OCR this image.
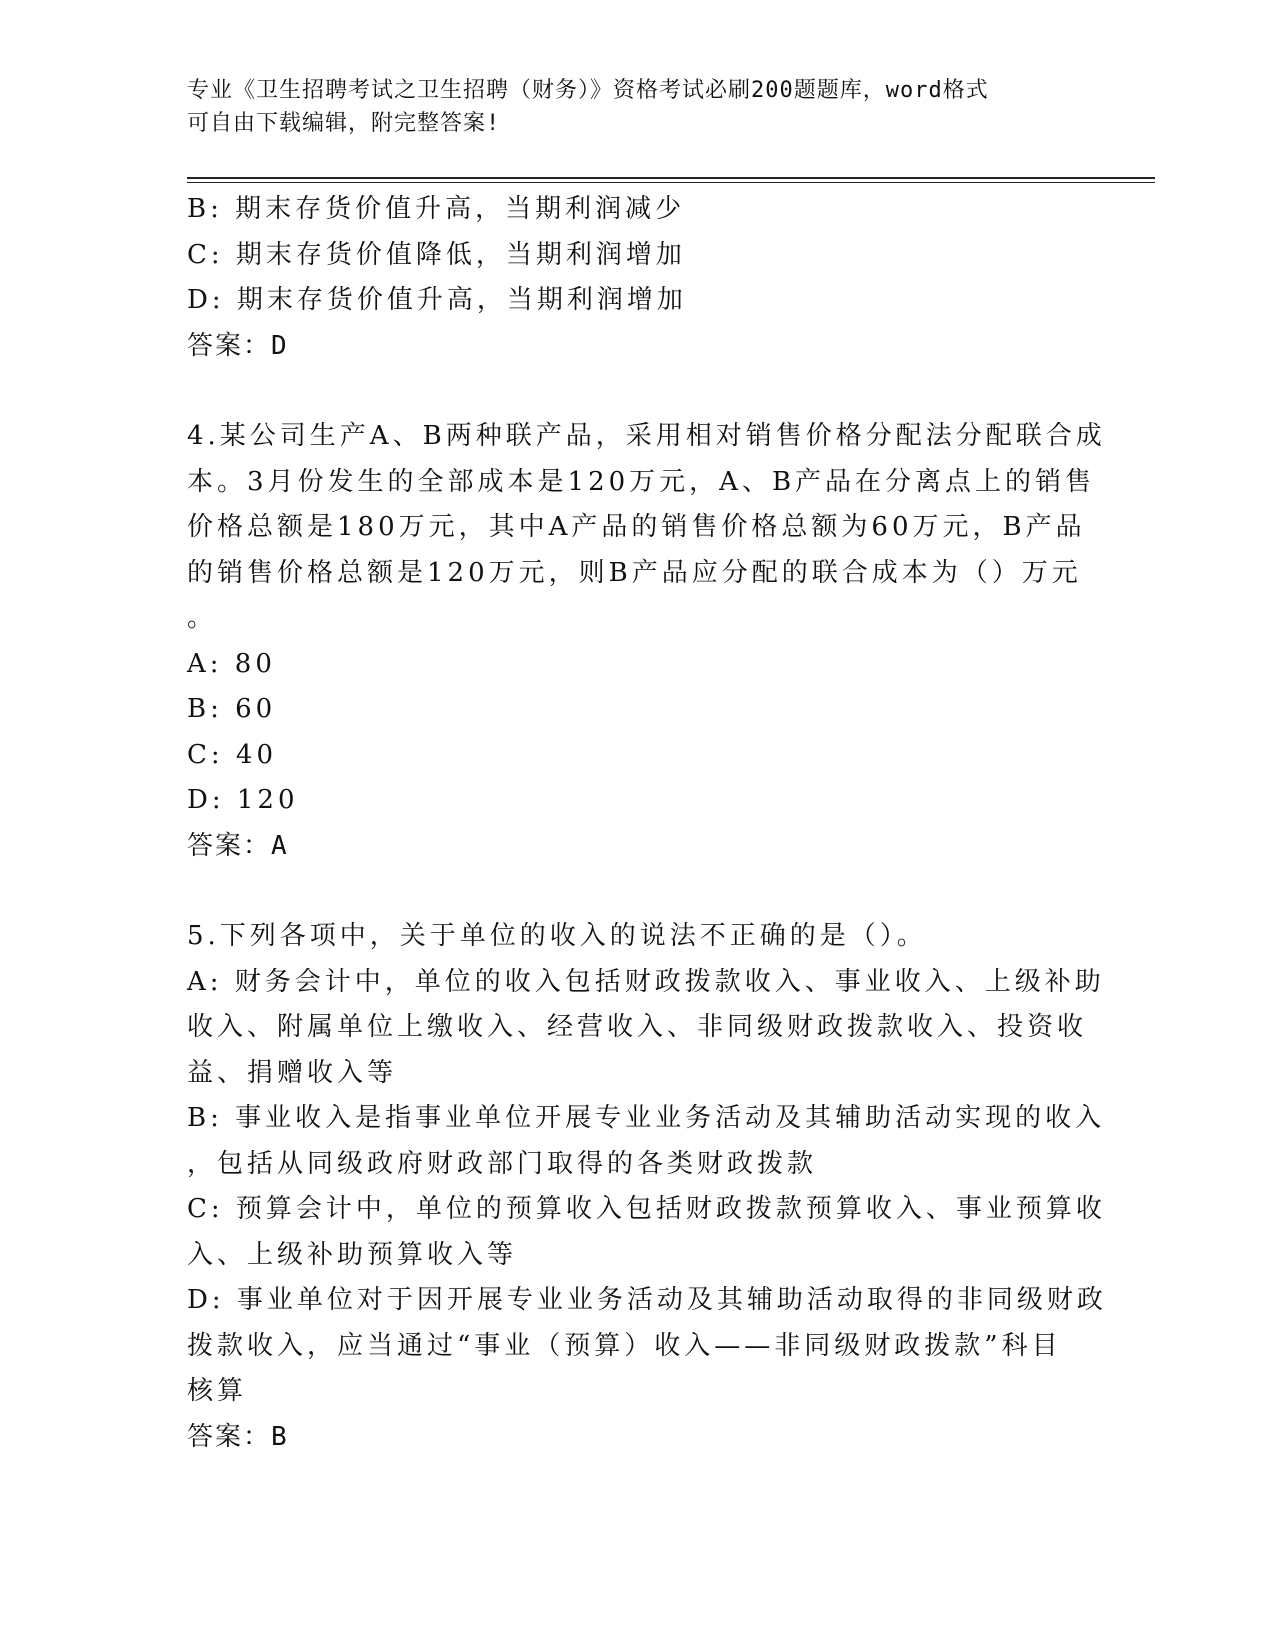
专业《卫生招聘考试之卫生招聘（财务）》资格考试必刷200题题库，word格式
可自由下载编辑，附完整答案!
B: 期末存货价值升高，当期利润减少
C: 期末存货价值降低，当期利润增加
D: 期末存货价值升高，当期利润增加
答案：D
4.某公司生产A、B两种联产品，采用相对销售价格分配法分配联合成
本。3月份发生的全部成本是120万元，A、B产品在分离点上的销售
价格总额是180万元，其中A产品的销售价格总额为60万元，B产品
的销售价格总额是120万元，则B产品应分配的联合成本为（）万元
。
A: 80
B: 60
C: 40
D: 120
答案：A
5.下列各项中，关于单位的收入的说法不正确的是（）。
A: 财务会计中，单位的收入包括财政拨款收入、事业收入、上级补助
收入、附属单位上缴收入、经营收入、非同级财政拨款收入、投资收
益、捐赠收入等
B: 事业收入是指事业单位开展专业业务活动及其辅助活动实现的收入
，包括从同级政府财政部门取得的各类财政拨款
C: 预算会计中，单位的预算收入包括财政拨款预算收入、事业预算收
入、上级补助预算收入等
D: 事业单位对于因开展专业业务活动及其辅助活动取得的非同级财政
拨款收入，应当通过“事业（预算）收入——非同级财政拨款”科目
核算
答案：B
